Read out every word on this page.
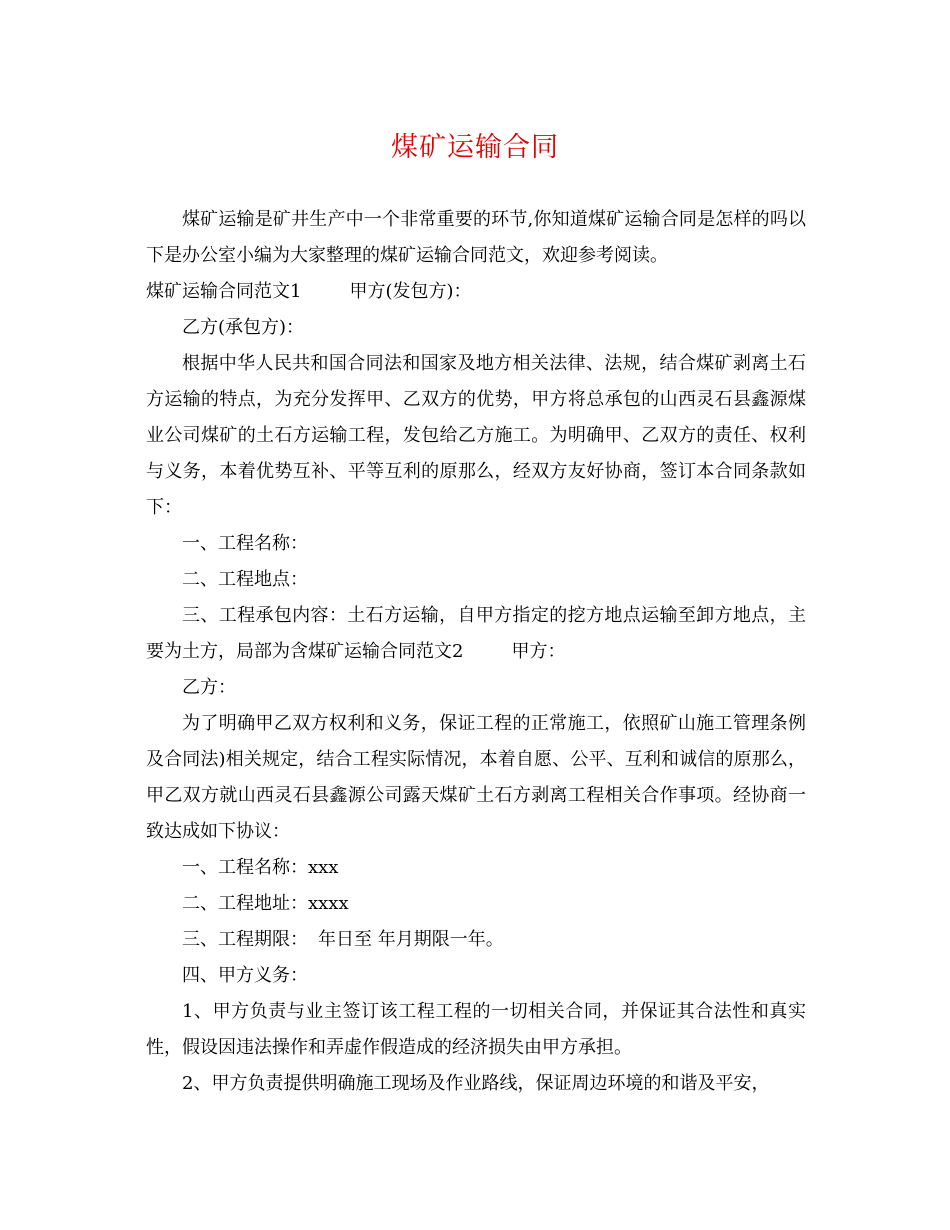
煤矿运输合同

煤矿运输是矿井生产中一个非常重要的环节,你知道煤矿运输合同是怎样的吗以下是办公室小编为大家整理的煤矿运输合同范文，欢迎参考阅读。

煤矿运输合同范文1	甲方(发包方)：

乙方(承包方)：

根据中华人民共和国合同法和国家及地方相关法律、法规，结合煤矿剥离土石方运输的特点，为充分发挥甲、乙双方的优势，甲方将总承包的山西灵石县鑫源煤业公司煤矿的土石方运输工程，发包给乙方施工。为明确甲、乙双方的责任、权利与义务，本着优势互补、平等互利的原那么，经双方友好协商，签订本合同条款如下：

一、工程名称：

二、工程地点：

三、工程承包内容：土石方运输，自甲方指定的挖方地点运输至卸方地点，主要为土方，局部为含煤矿运输合同范文2	甲方：

乙方：

为了明确甲乙双方权利和义务，保证工程的正常施工，依照矿山施工管理条例及合同法)相关规定，结合工程实际情况，本着自愿、公平、互利和诚信的原那么，甲乙双方就山西灵石县鑫源公司露天煤矿土石方剥离工程相关合作事项。经协商一致达成如下协议：

一、工程名称：xxx

二、工程地址：xxxx

三、工程期限： 年日至 年月期限一年。

四、甲方义务：

1、甲方负责与业主签订该工程工程的一切相关合同，并保证其合法性和真实性，假设因违法操作和弄虚作假造成的经济损失由甲方承担。

2、甲方负责提供明确施工现场及作业路线，保证周边环境的和谐及平安，
